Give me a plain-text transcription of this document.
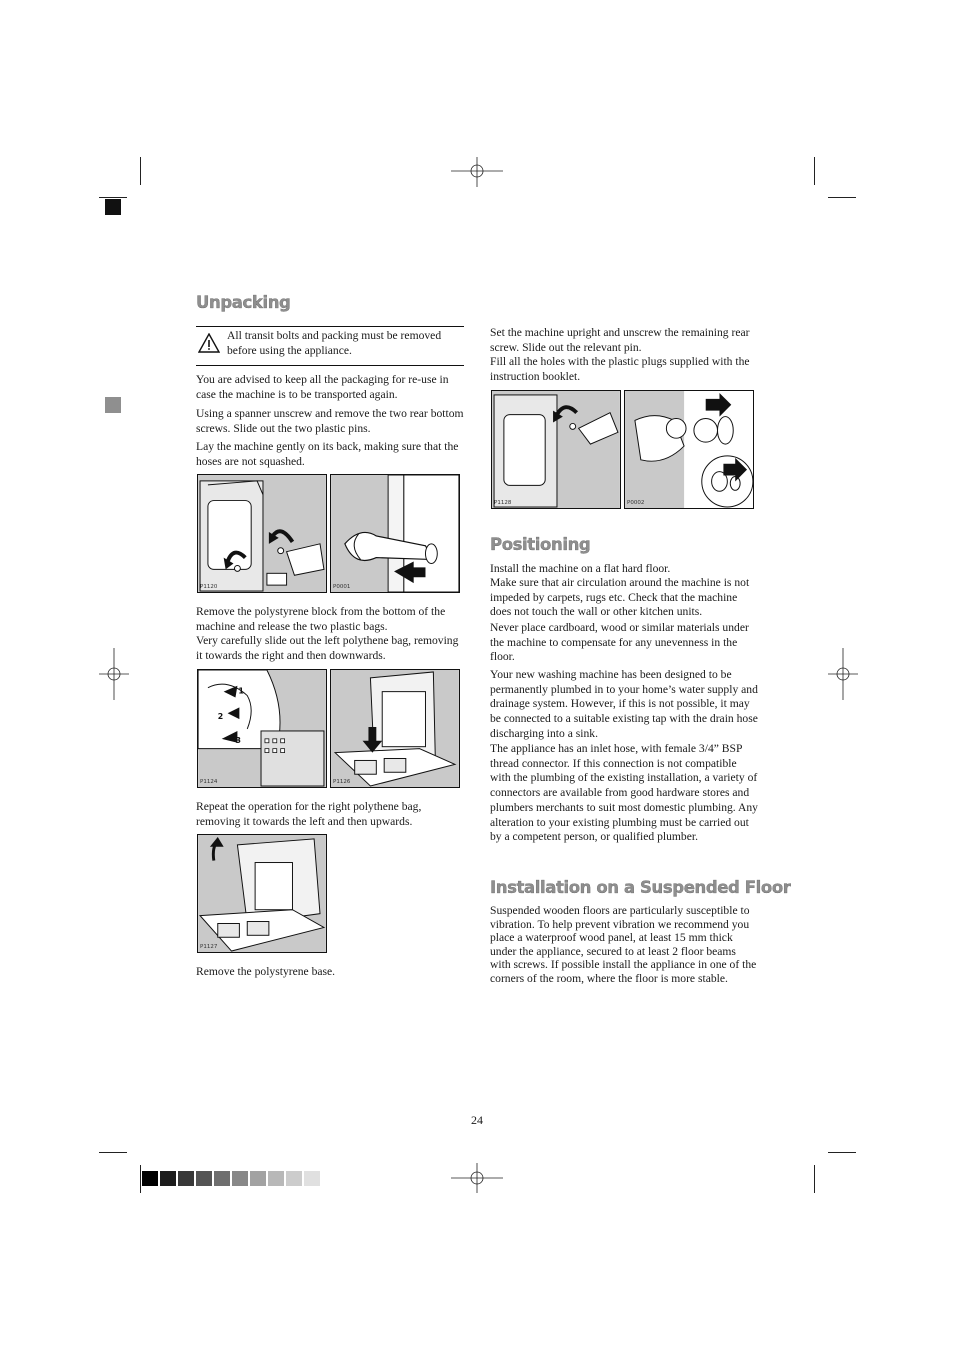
Unpacking
All transit bolts and packing must be removed before using the appliance.
You are advised to keep all the packaging for re-use in case the machine is to be transported again.
Using a spanner unscrew and remove the two rear bottom screws. Slide out the two plastic pins.
Lay the machine gently on its back, making sure that the hoses are not squashed.
P1120	P0001
Remove the polystyrene block from the bottom of the machine and release the two plastic bags.
Very carefully slide out the left polythene bag, removing it towards the right and then downwards.
1
2
3
P1124	P1126
Repeat the operation for the right polythene bag, removing it towards the left and then upwards.
P1127
Remove the polystyrene base.
Set the machine upright and unscrew the remaining rear screw. Slide out the relevant pin.
Fill all the holes with the plastic plugs supplied with the instruction booklet.
P1128	P0002
Positioning
Install the machine on a flat hard floor.
Make sure that air circulation around the machine is not impeded by carpets, rugs etc. Check that the machine does not touch the wall or other kitchen units.
Never place cardboard, wood or similar materials under the machine to compensate for any unevenness in the floor.
Your new washing machine has been designed to be permanently plumbed in to your home’s water supply and drainage system. However, if this is not possible, it may be connected to a suitable existing tap with the drain hose discharging into a sink.
The appliance has an inlet hose, with female 3/4” BSP thread connector. If this connection is not compatible with the plumbing of the existing installation, a variety of connectors are available from good hardware stores and plumbers merchants to suit most domestic plumbing. Any alteration to your existing plumbing must be carried out by a competent person, or qualified plumber.
Installation on a Suspended Floor
Suspended wooden floors are particularly susceptible to vibration. To help prevent vibration we recommend you place a waterproof wood panel, at least 15 mm thick under the appliance, secured to at least 2 floor beams with screws. If possible install the appliance in one of the corners of the room, where the floor is more stable.
24
